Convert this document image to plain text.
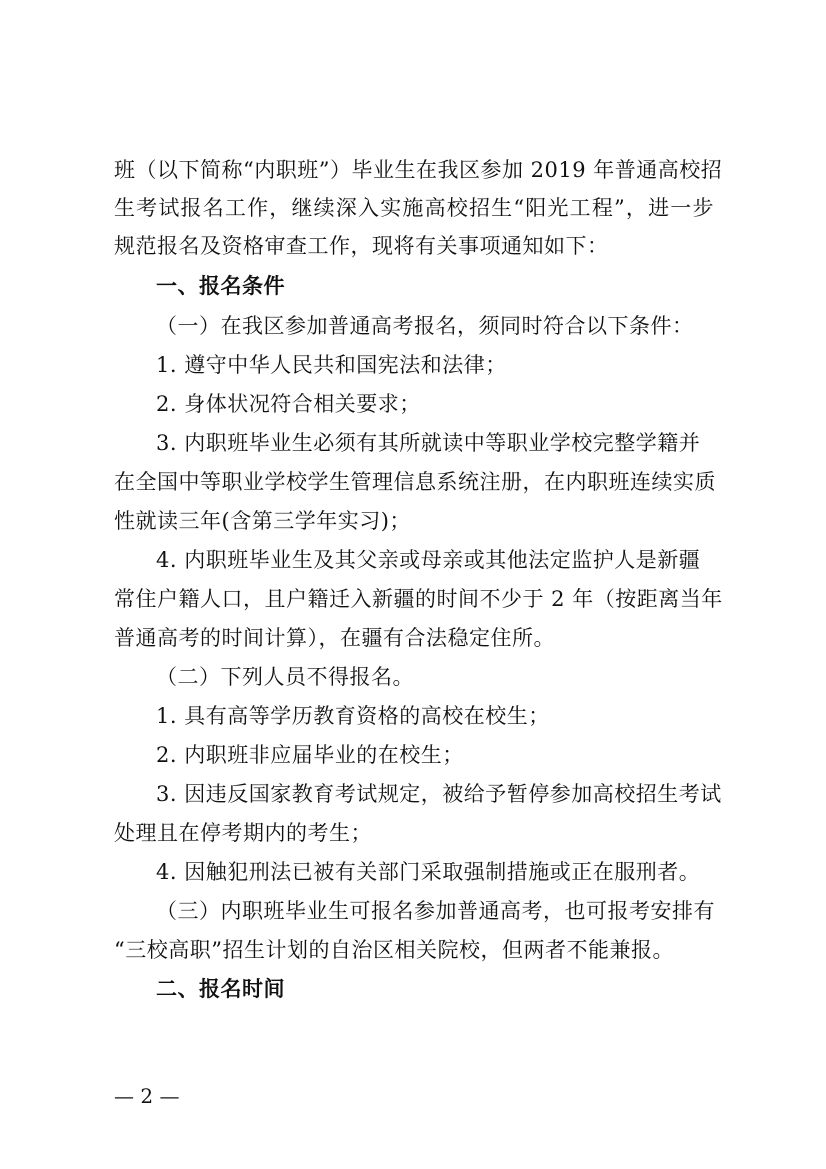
班（以下简称“内职班”）毕业生在我区参加 2019 年普通高校招
生考试报名工作，继续深入实施高校招生“阳光工程”，进一步
规范报名及资格审查工作，现将有关事项通知如下：
一、报名条件
（一）在我区参加普通高考报名，须同时符合以下条件：
1. 遵守中华人民共和国宪法和法律；
2. 身体状况符合相关要求；
3. 内职班毕业生必须有其所就读中等职业学校完整学籍并
在全国中等职业学校学生管理信息系统注册，在内职班连续实质
性就读三年(含第三学年实习)；
4. 内职班毕业生及其父亲或母亲或其他法定监护人是新疆
常住户籍人口，且户籍迁入新疆的时间不少于 2 年（按距离当年
普通高考的时间计算），在疆有合法稳定住所。
（二）下列人员不得报名。
1. 具有高等学历教育资格的高校在校生；
2. 内职班非应届毕业的在校生；
3. 因违反国家教育考试规定，被给予暂停参加高校招生考试
处理且在停考期内的考生；
4. 因触犯刑法已被有关部门采取强制措施或正在服刑者。
（三）内职班毕业生可报名参加普通高考，也可报考安排有
“三校高职”招生计划的自治区相关院校，但两者不能兼报。
二、报名时间
— 2 —
